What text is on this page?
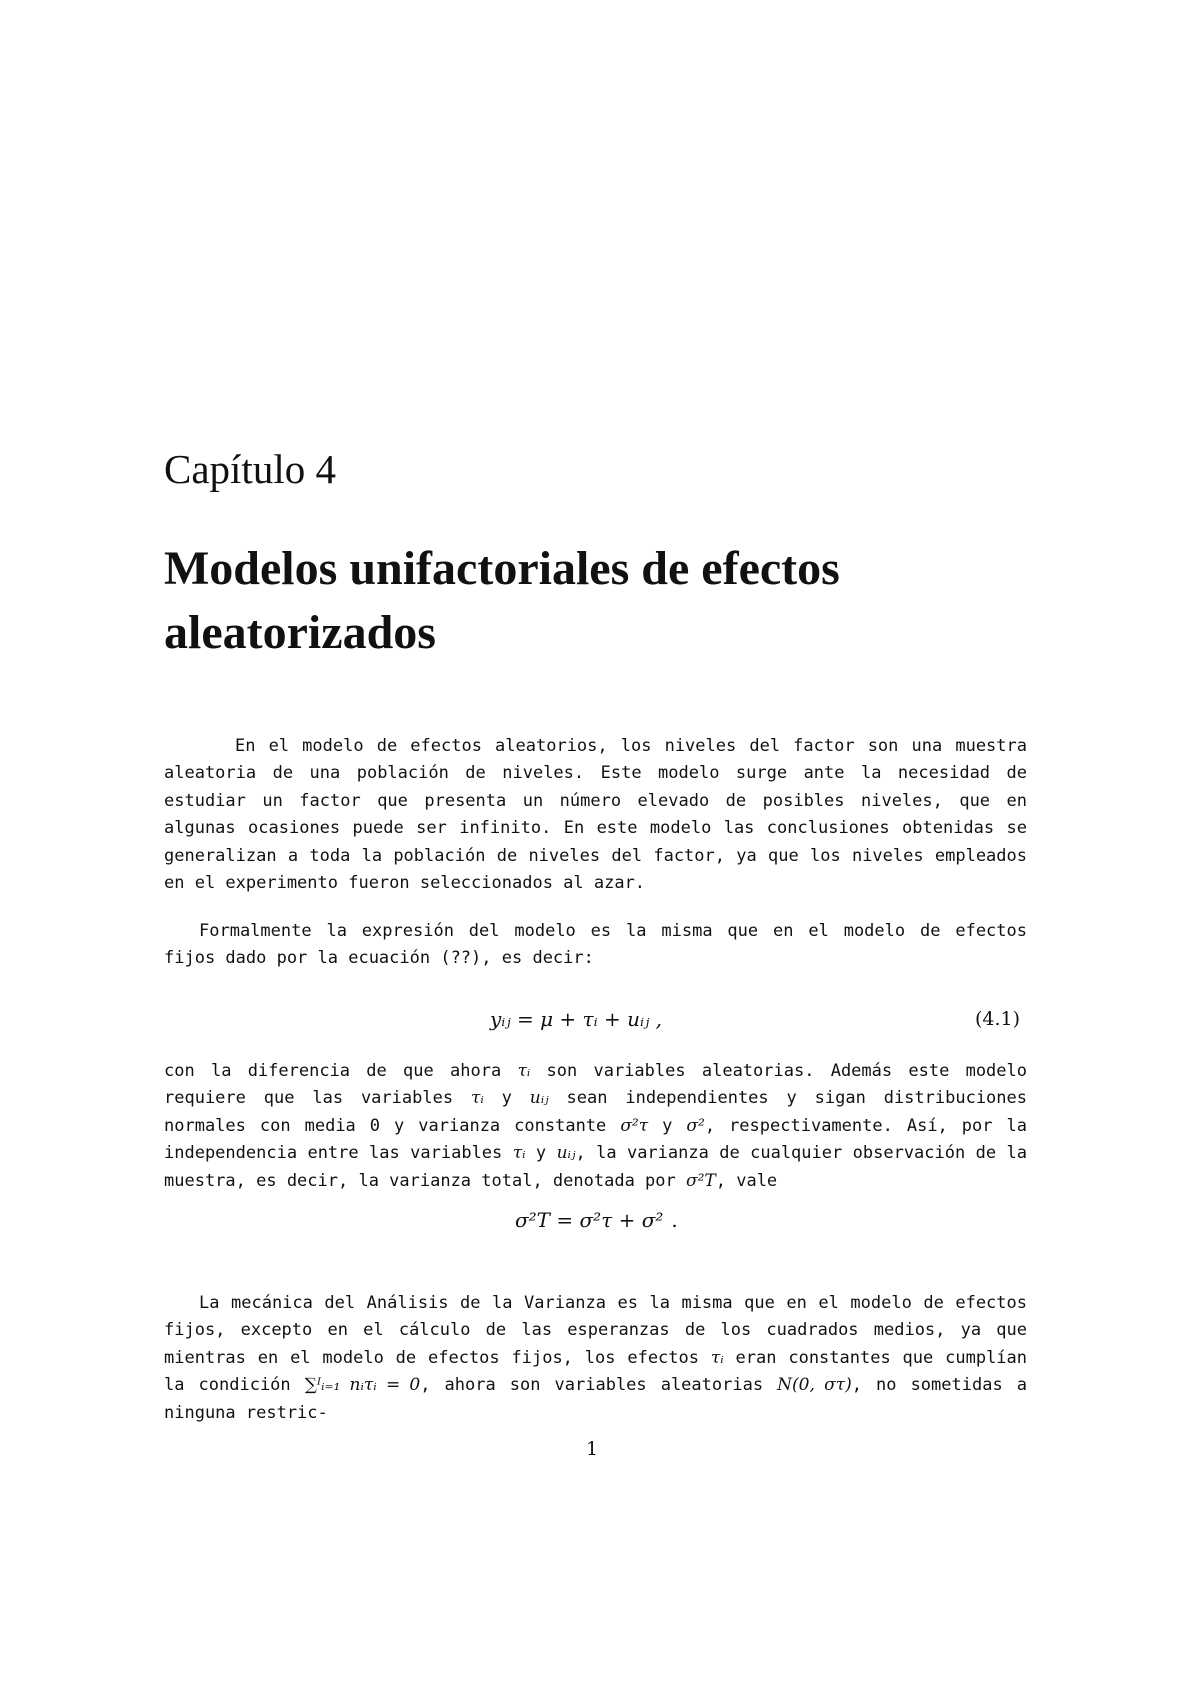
Capítulo 4
Modelos unifactoriales de efectos aleatorizados

En el modelo de efectos aleatorios, los niveles del factor son una muestra aleatoria de una población de niveles. Este modelo surge ante la necesidad de estudiar un factor que presenta un número elevado de posibles niveles, que en algunas ocasiones puede ser infinito. En este modelo las conclusiones obtenidas se generalizan a toda la población de niveles del factor, ya que los niveles empleados en el experimento fueron seleccionados al azar.

Formalmente la expresión del modelo es la misma que en el modelo de efectos fijos dado por la ecuación (??), es decir:

yᵢⱼ = μ + τᵢ + uᵢⱼ ,	(4.1)

con la diferencia de que ahora τᵢ son variables aleatorias. Además este modelo requiere que las variables τᵢ y uᵢⱼ sean independientes y sigan distribuciones normales con media 0 y varianza constante σ²τ y σ², respectivamente. Así, por la independencia entre las variables τᵢ y uᵢⱼ, la varianza de cualquier observación de la muestra, es decir, la varianza total, denotada por σ²T, vale

σ²T = σ²τ + σ² .

La mecánica del Análisis de la Varianza es la misma que en el modelo de efectos fijos, excepto en el cálculo de las esperanzas de los cuadrados medios, ya que mientras en el modelo de efectos fijos, los efectos τᵢ eran constantes que cumplían la condición ∑ᴵᵢ₌₁ nᵢτᵢ = 0, ahora son variables aleatorias N(0, στ), no sometidas a ninguna restric-

1
